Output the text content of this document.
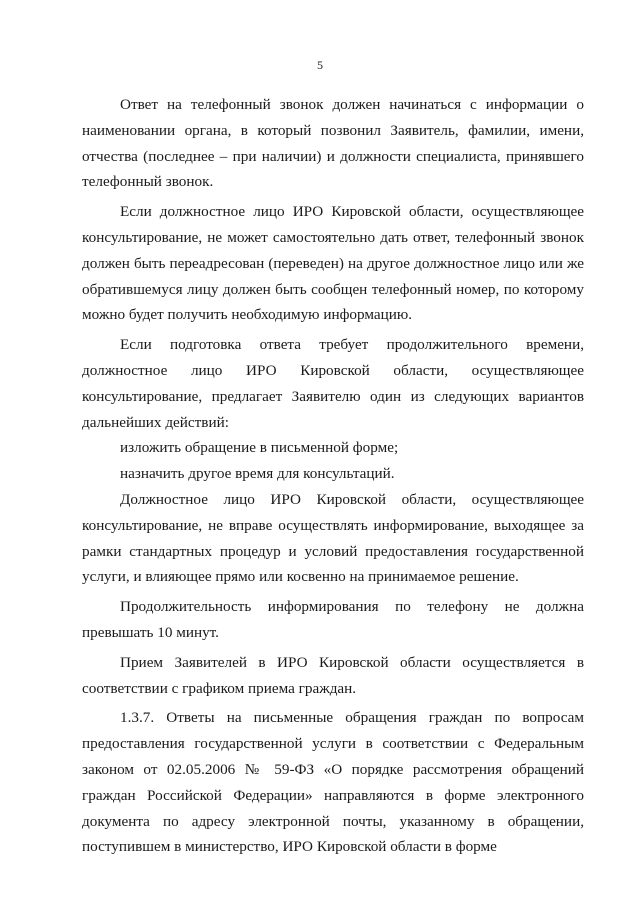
5

Ответ на телефонный звонок должен начинаться с информации о наименовании органа, в который позвонил Заявитель, фамилии, имени, отчества (последнее – при наличии) и должности специалиста, принявшего телефонный звонок.

Если должностное лицо ИРО Кировской области, осуществляющее консультирование, не может самостоятельно дать ответ, телефонный звонок должен быть переадресован (переведен) на другое должностное лицо или же обратившемуся лицу должен быть сообщен телефонный номер, по которому можно будет получить необходимую информацию.

Если подготовка ответа требует продолжительного времени, должностное лицо ИРО Кировской области, осуществляющее консультирование, предлагает Заявителю один из следующих вариантов дальнейших действий:

изложить обращение в письменной форме;

назначить другое время для консультаций.

Должностное лицо ИРО Кировской области, осуществляющее консультирование, не вправе осуществлять информирование, выходящее за рамки стандартных процедур и условий предоставления государственной услуги, и влияющее прямо или косвенно на принимаемое решение.

Продолжительность информирования по телефону не должна превышать 10 минут.

Прием Заявителей в ИРО Кировской области осуществляется в соответствии с графиком приема граждан.

1.3.7. Ответы на письменные обращения граждан по вопросам предоставления государственной услуги в соответствии с Федеральным законом от 02.05.2006 № 59-ФЗ «О порядке рассмотрения обращений граждан Российской Федерации» направляются в форме электронного документа по адресу электронной почты, указанному в обращении, поступившем в министерство, ИРО Кировской области в форме
